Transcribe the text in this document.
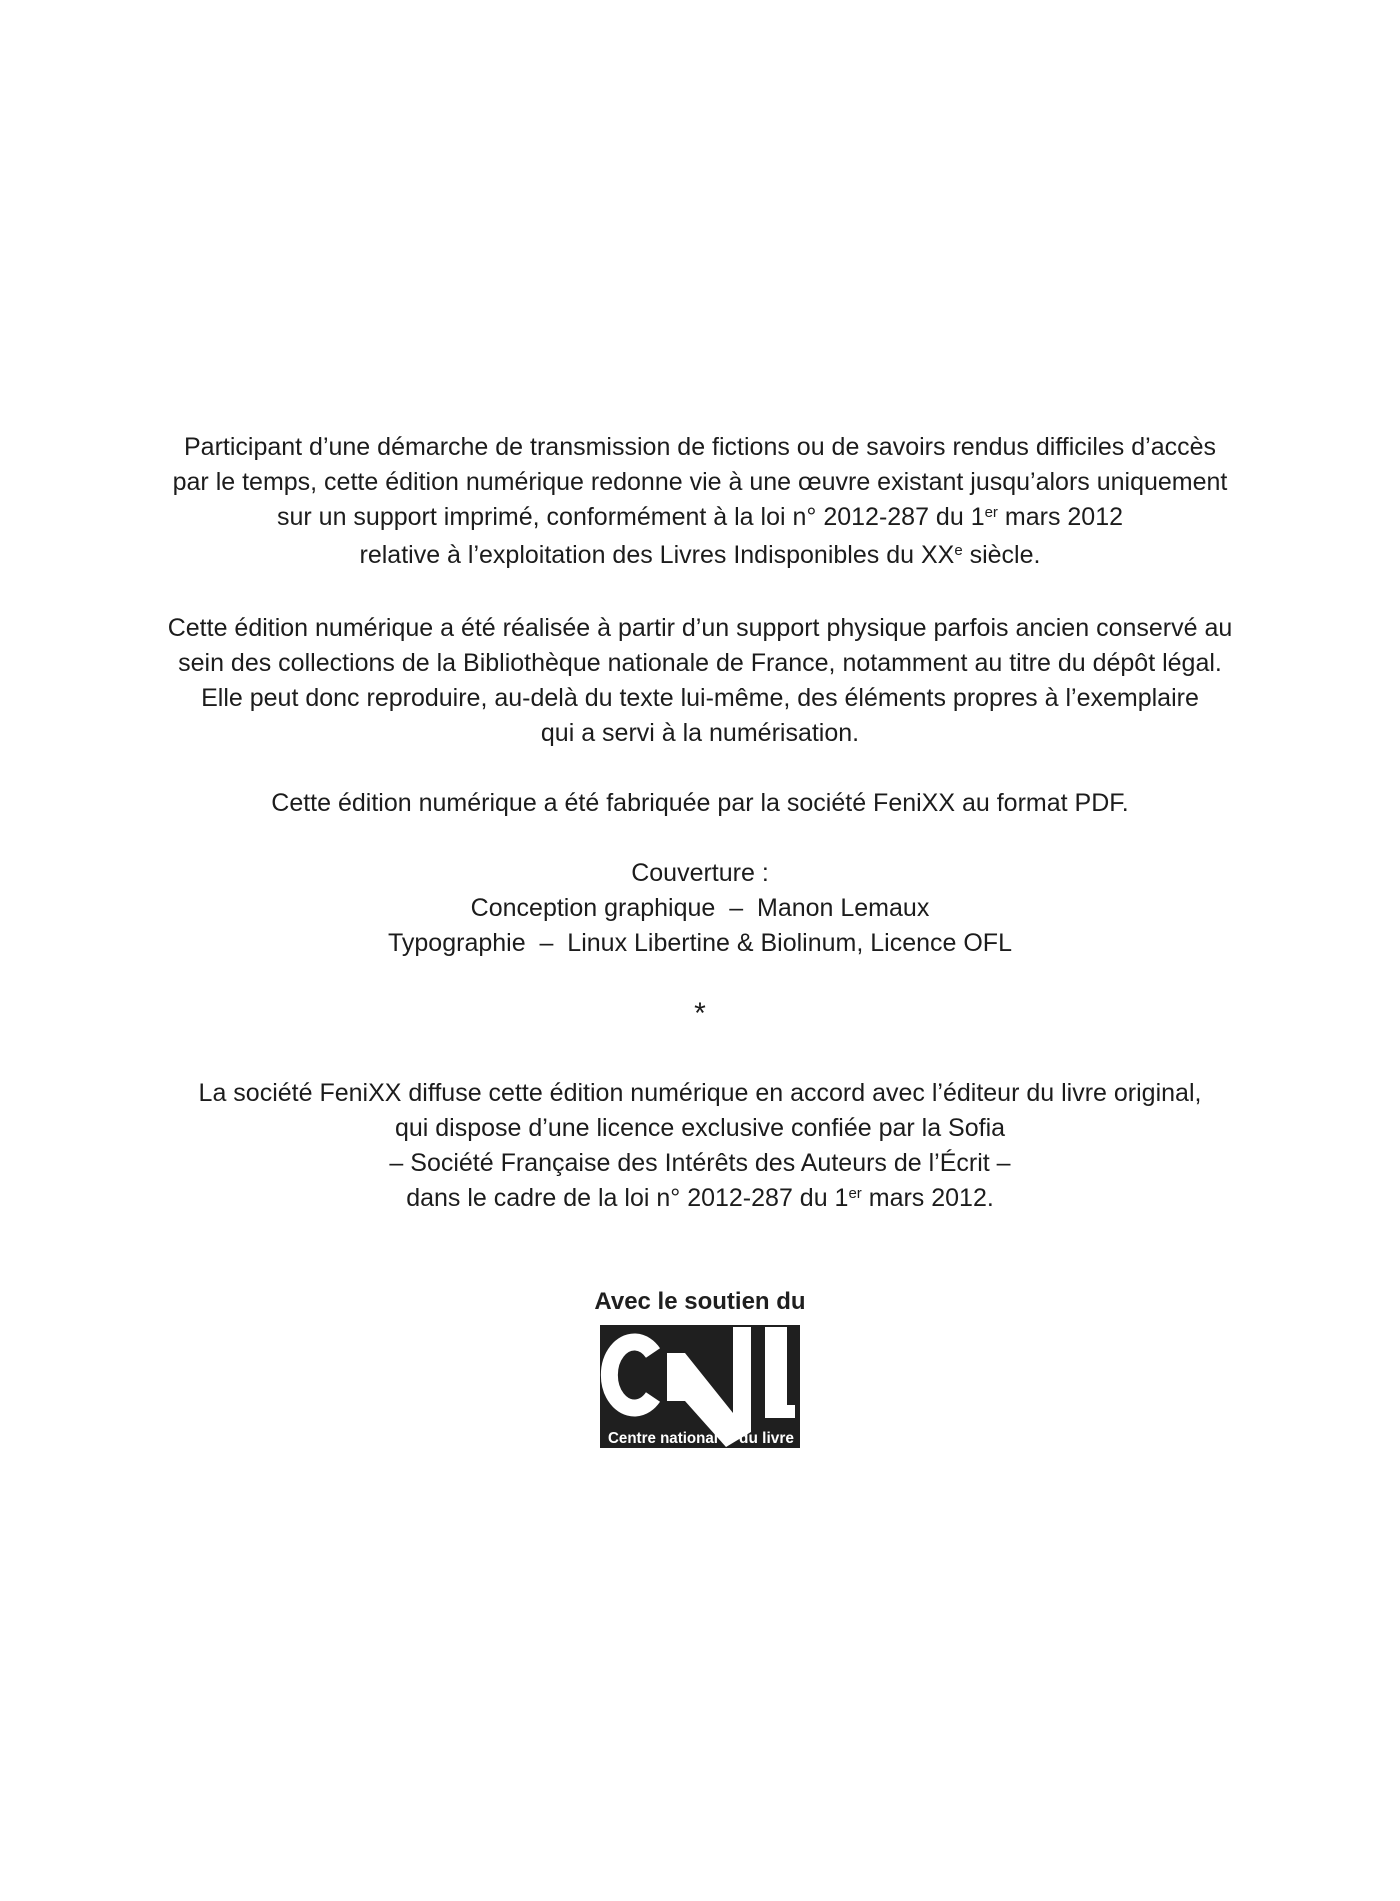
Participant d’une démarche de transmission de fictions ou de savoirs rendus difficiles d’accès
par le temps, cette édition numérique redonne vie à une œuvre existant jusqu’alors uniquement
sur un support imprimé, conformément à la loi n° 2012-287 du 1er mars 2012
relative à l’exploitation des Livres Indisponibles du XXe siècle.
Cette édition numérique a été réalisée à partir d’un support physique parfois ancien conservé au
sein des collections de la Bibliothèque nationale de France, notamment au titre du dépôt légal.
Elle peut donc reproduire, au-delà du texte lui-même, des éléments propres à l’exemplaire
qui a servi à la numérisation.
Cette édition numérique a été fabriquée par la société FeniXX au format PDF.
Couverture :
Conception graphique  –  Manon Lemaux
Typographie  –  Linux Libertine & Biolinum, Licence OFL
*
La société FeniXX diffuse cette édition numérique en accord avec l’éditeur du livre original,
qui dispose d’une licence exclusive confiée par la Sofia
– Société Française des Intérêts des Auteurs de l’Écrit –
dans le cadre de la loi n° 2012-287 du 1er mars 2012.
Avec le soutien du
Centre national du livre
